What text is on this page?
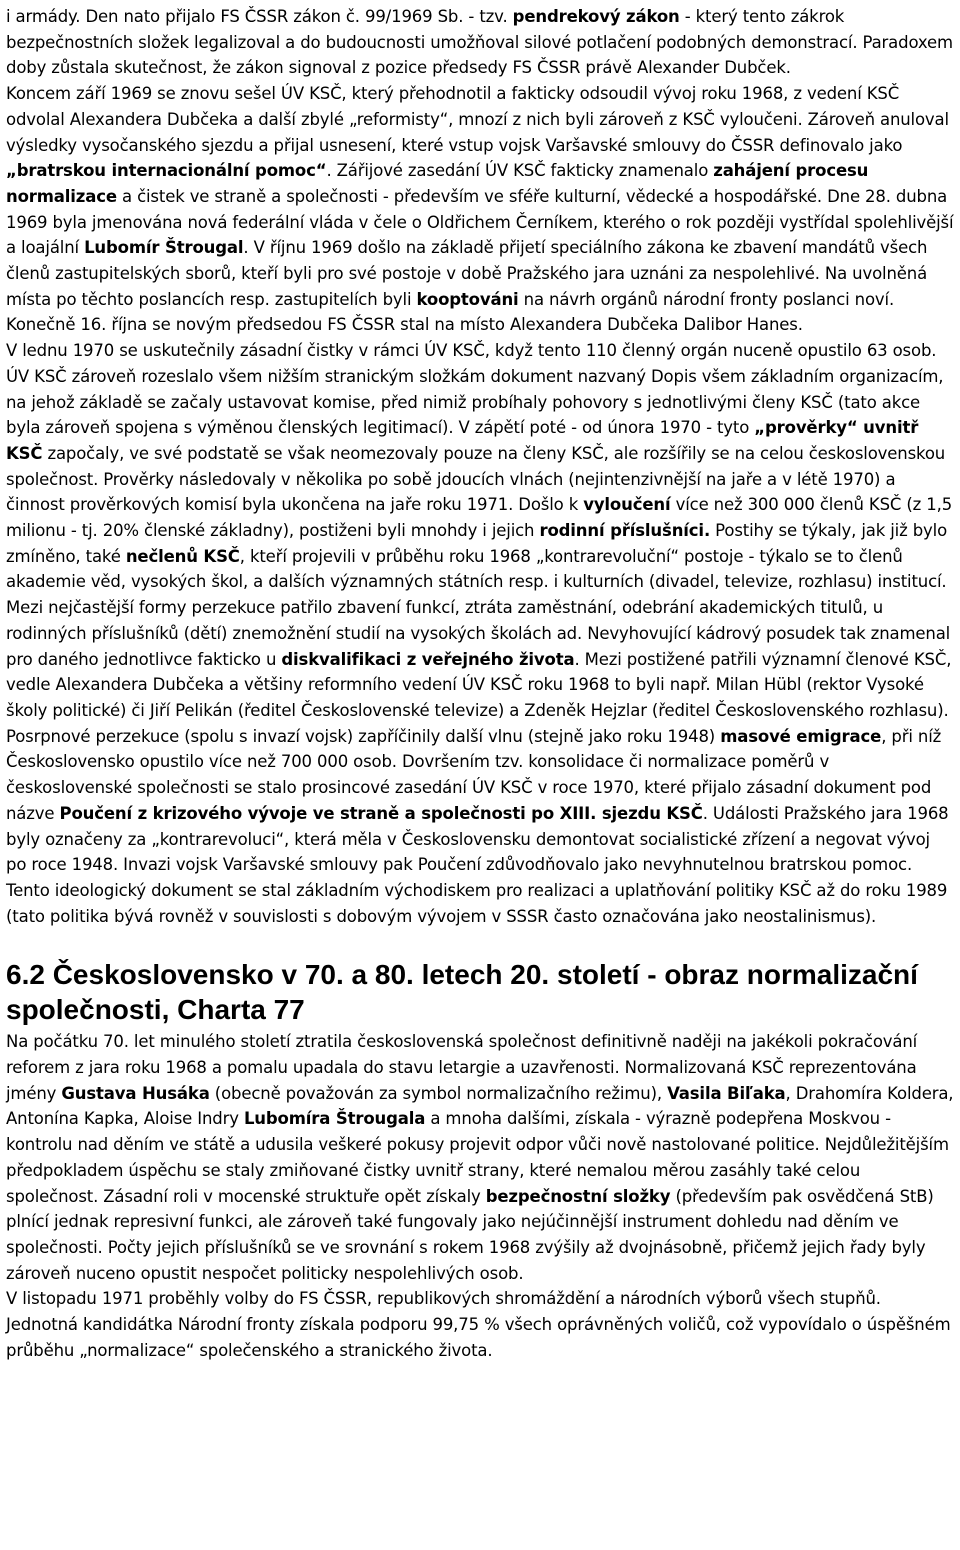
i armády. Den nato přijalo FS ČSSR zákon č. 99/1969 Sb. - tzv. pendrekový zákon - který tento zákrok bezpečnostních složek legalizoval a do budoucnosti umožňoval silové potlačení podobných demonstrací. Paradoxem doby zůstala skutečnost, že zákon signoval z pozice předsedy FS ČSSR právě Alexander Dubček.

Koncem září 1969 se znovu sešel ÚV KSČ, který přehodnotil a fakticky odsoudil vývoj roku 1968, z vedení KSČ odvolal Alexandera Dubčeka a další zbylé „reformisty“, mnozí z nich byli zároveň z KSČ vyloučeni. Zároveň anuloval výsledky vysočanského sjezdu a přijal usnesení, které vstup vojsk Varšavské smlouvy do ČSSR definovalo jako „bratrskou internacionální pomoc“. Zářijové zasedání ÚV KSČ fakticky znamenalo zahájení procesu normalizace a čistek ve straně a společnosti - především ve sféře kulturní, vědecké a hospodářské. Dne 28. dubna 1969 byla jmenována nová federální vláda v čele o Oldřichem Černíkem, kterého o rok později vystřídal spolehlivější a loajální Lubomír Štrougal. V říjnu 1969 došlo na základě přijetí speciálního zákona ke zbavení mandátů všech členů zastupitelských sborů, kteří byli pro své postoje v době Pražského jara uznáni za nespolehlivé. Na uvolněná místa po těchto poslancích resp. zastupitelích byli kooptováni na návrh orgánů národní fronty poslanci noví. Konečně 16. října se novým předsedou FS ČSSR stal na místo Alexandera Dubčeka Dalibor Hanes.

V lednu 1970 se uskutečnily zásadní čistky v rámci ÚV KSČ, když tento 110 členný orgán nuceně opustilo 63 osob. ÚV KSČ zároveň rozeslalo všem nižším stranickým složkám dokument nazvaný Dopis všem základním organizacím, na jehož základě se začaly ustavovat komise, před nimiž probíhaly pohovory s jednotlivými členy KSČ (tato akce byla zároveň spojena s výměnou členských legitimací). V zápětí poté - od února 1970 - tyto „prověrky“ uvnitř KSČ započaly, ve své podstatě se však neomezovaly pouze na členy KSČ, ale rozšířily se na celou československou společnost. Prověrky následovaly v několika po sobě jdoucích vlnách (nejintenzivnější na jaře a v létě 1970) a činnost prověrkových komisí byla ukončena na jaře roku 1971. Došlo k vyloučení více než 300 000 členů KSČ (z 1,5 milionu - tj. 20% členské základny), postiženi byli mnohdy i jejich rodinní příslušníci. Postihy se týkaly, jak již bylo zmíněno, také nečlenů KSČ, kteří projevili v průběhu roku 1968 „kontrarevoluční“ postoje - týkalo se to členů akademie věd, vysokých škol, a dalších významných státních resp. i kulturních (divadel, televize, rozhlasu) institucí. Mezi nejčastější formy perzekuce patřilo zbavení funkcí, ztráta zaměstnání, odebrání akademických titulů, u rodinných příslušníků (dětí) znemožnění studií na vysokých školách ad. Nevyhovující kádrový posudek tak znamenal pro daného jednotlivce fakticko u diskvalifikaci z veřejného života. Mezi postižené patřili významní členové KSČ, vedle Alexandera Dubčeka a většiny reformního vedení ÚV KSČ roku 1968 to byli např. Milan Hübl (rektor Vysoké školy politické) či Jiří Pelikán (ředitel Československé televize) a Zdeněk Hejzlar (ředitel Československého rozhlasu). Posrpnové perzekuce (spolu s invazí vojsk) zapříčinily další vlnu (stejně jako roku 1948) masové emigrace, při níž Československo opustilo více než 700 000 osob. Dovršením tzv. konsolidace či normalizace poměrů v československé společnosti se stalo prosincové zasedání ÚV KSČ v roce 1970, které přijalo zásadní dokument pod názve Poučení z krizového vývoje ve straně a společnosti po XIII. sjezdu KSČ. Události Pražského jara 1968 byly označeny za „kontrarevoluci“, která měla v Československu demontovat socialistické zřízení a negovat vývoj po roce 1948. Invazi vojsk Varšavské smlouvy pak Poučení zdůvodňovalo jako nevyhnutelnou bratrskou pomoc. Tento ideologický dokument se stal základním východiskem pro realizaci a uplatňování politiky KSČ až do roku 1989 (tato politika bývá rovněž v souvislosti s dobovým vývojem v SSSR často označována jako neostalinismus).

6.2 Československo v 70. a 80. letech 20. století - obraz normalizační společnosti, Charta 77

Na počátku 70. let minulého století ztratila československá společnost definitivně naději na jakékoli pokračování reforem z jara roku 1968 a pomalu upadala do stavu letargie a uzavřenosti. Normalizovaná KSČ reprezentována jmény Gustava Husáka (obecně považován za symbol normalizačního režimu), Vasila Biľaka, Drahomíra Koldera, Antonína Kapka, Aloise Indry Lubomíra Štrougala a mnoha dalšími, získala - výrazně podepřena Moskvou - kontrolu nad děním ve státě a udusila veškeré pokusy projevit odpor vůči nově nastolované politice. Nejdůležitějším předpokladem úspěchu se staly zmiňované čistky uvnitř strany, které nemalou měrou zasáhly také celou společnost. Zásadní roli v mocenské struktuře opět získaly bezpečnostní složky (především pak osvědčená StB) plnící jednak represivní funkci, ale zároveň také fungovaly jako nejúčinnější instrument dohledu nad děním ve společnosti. Počty jejich příslušníků se ve srovnání s rokem 1968 zvýšily až dvojnásobně, přičemž jejich řady byly zároveň nuceno opustit nespočet politicky nespolehlivých osob.

V listopadu 1971 proběhly volby do FS ČSSR, republikových shromáždění a národních výborů všech stupňů. Jednotná kandidátka Národní fronty získala podporu 99,75 % všech oprávněných voličů, což vypovídalo o úspěšném průběhu „normalizace“ společenského a stranického života.
